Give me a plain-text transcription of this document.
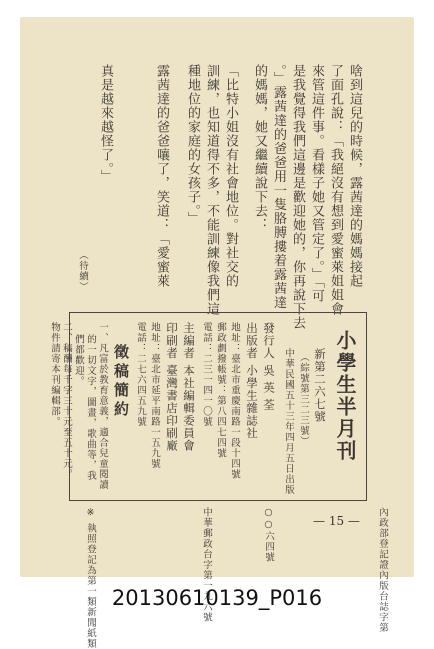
啥到這兒的時候，露茜達的媽媽接起
了面孔說：「我絕沒有想到愛蜜萊姐姐會
來管這件事。看樣子她又管定了。」「可
是我覺得我們這邊是歡迎她的，你再說下去
。」露茜達的爸爸用一隻胳膊摟着露茜達
的媽媽，她又繼續說下去：
「比特小姐沒有社會地位。對社交的
訓練，也知道得不多，不能訓練像我們這
種地位的家庭的女孩子。」
露茜達的爸爸嚷了，笑道：「愛蜜萊
真是越來越怪了。」
（待續）
小學生半月刊
新第二六七號
（綜號第三二三號）
中華民國五十三年四月五日出版
發行人 吳 英 荃
出版者 小學生雜誌社
地址：臺北市重慶南路一段十四號
郵政劃撥帳號：第八四七四號
電話：二三一四一〇號
主編者 本社編輯委員會
印刷者 臺灣書店印刷廠
地址：臺北市延平南路一五九號
電話：二七六四五九號
徵稿簡約
一、凡富於教育意義，適合兒童閱讀
的一切文字，圖畫，歌曲等，我
們都歡迎。
二、稿酬每千字三十元至五十元。
物件請寄本刊編輯部。
內政部登記證內版台誌字第
○○六四號
中華郵政台字第一九六號
※ 執照登記為第一類新聞紙類	— 15 —
20130610139_P016
